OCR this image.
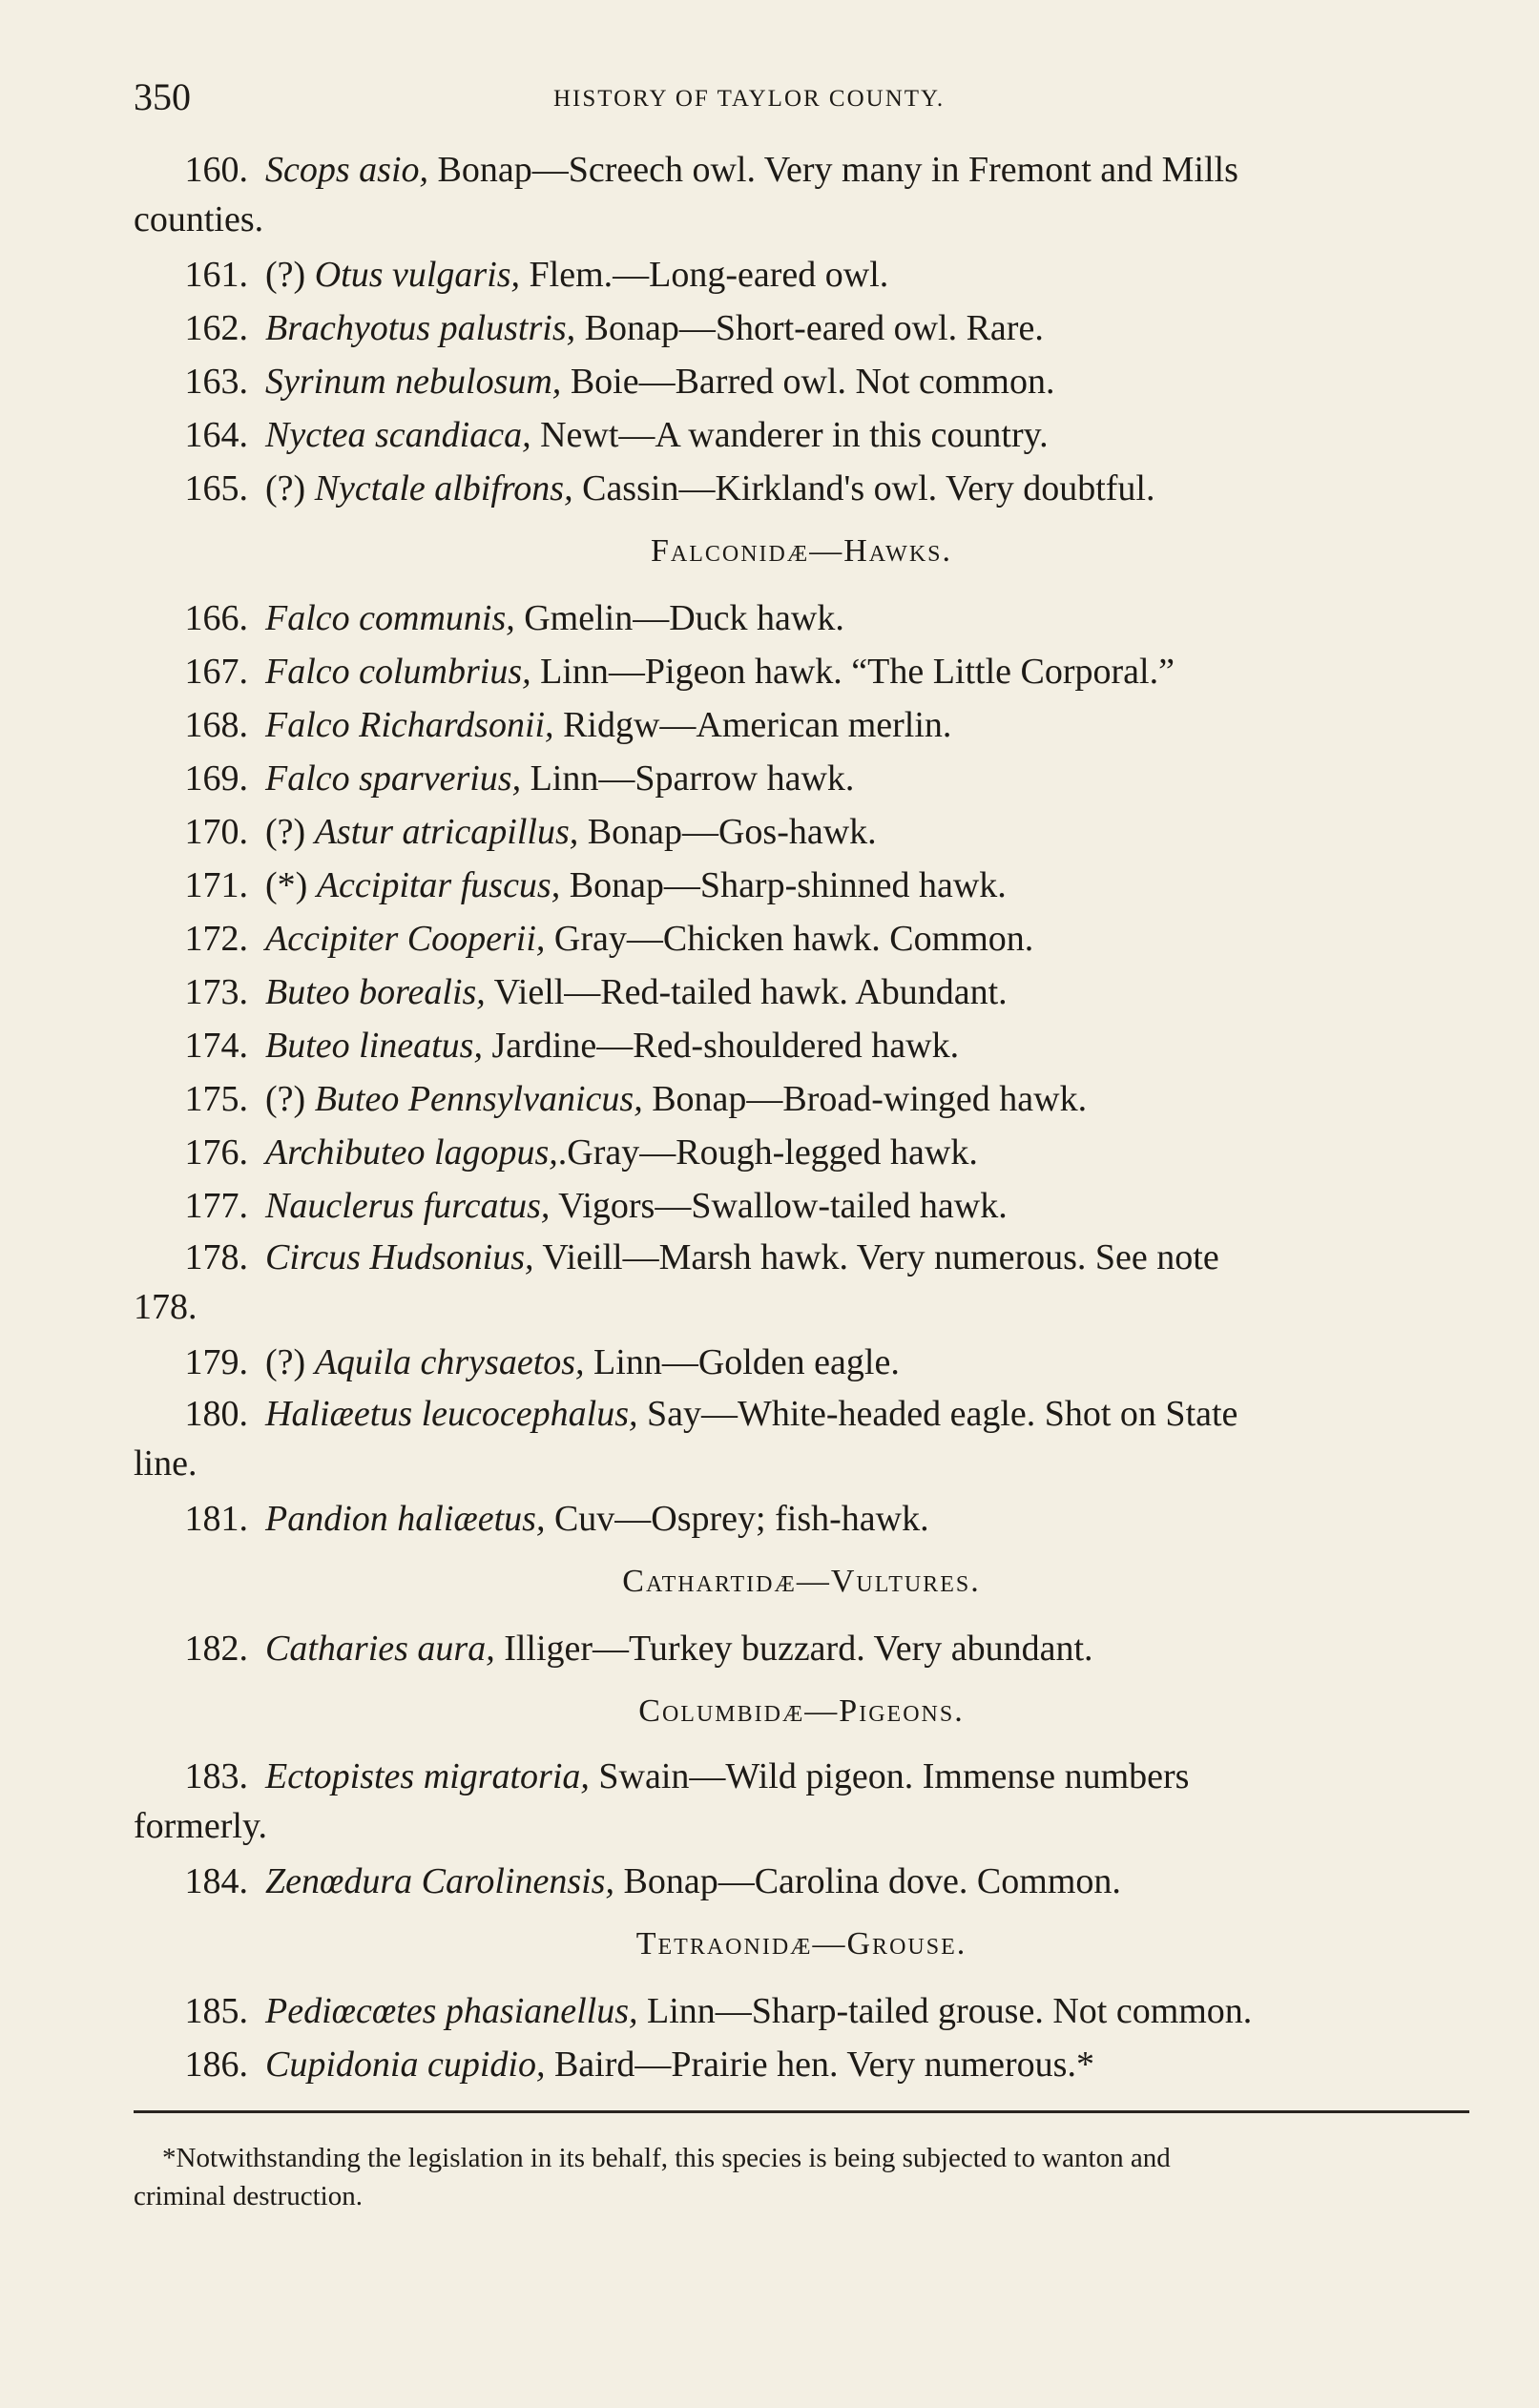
350	HISTORY OF TAYLOR COUNTY.
160. Scops asio, Bonap—Screech owl. Very many in Fremont and Mills
counties.
161. (?) Otus vulgaris, Flem.—Long-eared owl.
162. Brachyotus palustris, Bonap—Short-eared owl. Rare.
163. Syrinum nebulosum, Boie—Barred owl. Not common.
164. Nyctea scandiaca, Newt—A wanderer in this country.
165. (?) Nyctale albifrons, Cassin—Kirkland's owl. Very doubtful.
Falconidæ—Hawks.
166. Falco communis, Gmelin—Duck hawk.
167. Falco columbrius, Linn—Pigeon hawk. “The Little Corporal.”
168. Falco Richardsonii, Ridgw—American merlin.
169. Falco sparverius, Linn—Sparrow hawk.
170. (?) Astur atricapillus, Bonap—Gos-hawk.
171. (*) Accipitar fuscus, Bonap—Sharp-shinned hawk.
172. Accipiter Cooperii, Gray—Chicken hawk. Common.
173. Buteo borealis, Viell—Red-tailed hawk. Abundant.
174. Buteo lineatus, Jardine—Red-shouldered hawk.
175. (?) Buteo Pennsylvanicus, Bonap—Broad-winged hawk.
176. Archibuteo lagopus,.Gray—Rough-legged hawk.
177. Nauclerus furcatus, Vigors—Swallow-tailed hawk.
178. Circus Hudsonius, Vieill—Marsh hawk. Very numerous. See note
178.
179. (?) Aquila chrysaetos, Linn—Golden eagle.
180. Haliæetus leucocephalus, Say—White-headed eagle. Shot on State
line.
181. Pandion haliæetus, Cuv—Osprey; fish-hawk.
Cathartidæ—Vultures.
182. Catharies aura, Illiger—Turkey buzzard. Very abundant.
Columbidæ—Pigeons.
183. Ectopistes migratoria, Swain—Wild pigeon. Immense numbers
formerly.
184. Zenœdura Carolinensis, Bonap—Carolina dove. Common.
Tetraonidæ—Grouse.
185. Pediœcœtes phasianellus, Linn—Sharp-tailed grouse. Not common.
186. Cupidonia cupidio, Baird—Prairie hen. Very numerous.*
*Notwithstanding the legislation in its behalf, this species is being subjected to wanton and
criminal destruction.
